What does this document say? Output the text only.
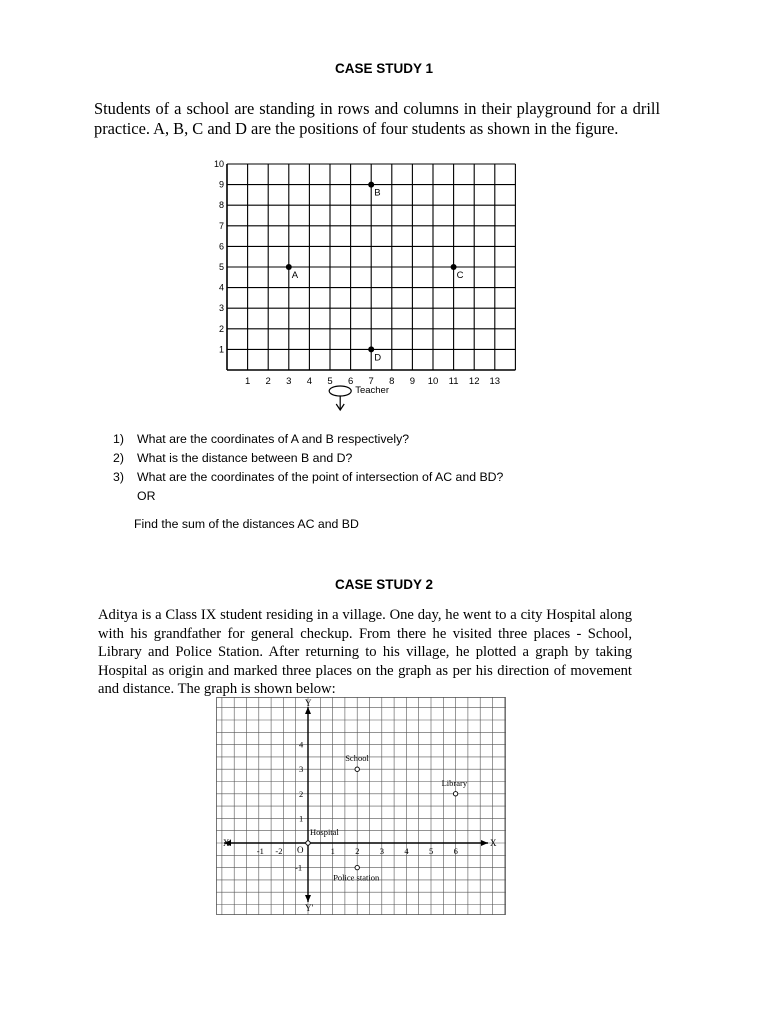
CASE STUDY 1
Students of a school are standing in rows and columns in their playground for a drill practice. A, B, C and D are the positions of four students as shown in the figure.
1 2 3 4 5 6 7 8 9 10 11 12 13
1
2
3
4
5
6
7
8
9
10
A
B
C
D
Teacher
1) What are the coordinates of A and B respectively?
2) What is the distance between B and D?
3) What are the coordinates of the point of intersection of AC and BD?
OR
Find the sum of the distances AC and BD
CASE STUDY 2
Aditya is a Class IX student residing in a village. One day, he went to a city Hospital along with his grandfather for general checkup. From there he visited three places - School, Library and Police Station. After returning to his village, he plotted a graph by taking Hospital as origin and marked three places on the graph as per his direction of movement and distance. The graph is shown below:
X
X'
Y
Y'
O
-2
-1	1 2 3 4 5 6
1
2
3
4
-1
Hospital
School
Library
Police station
